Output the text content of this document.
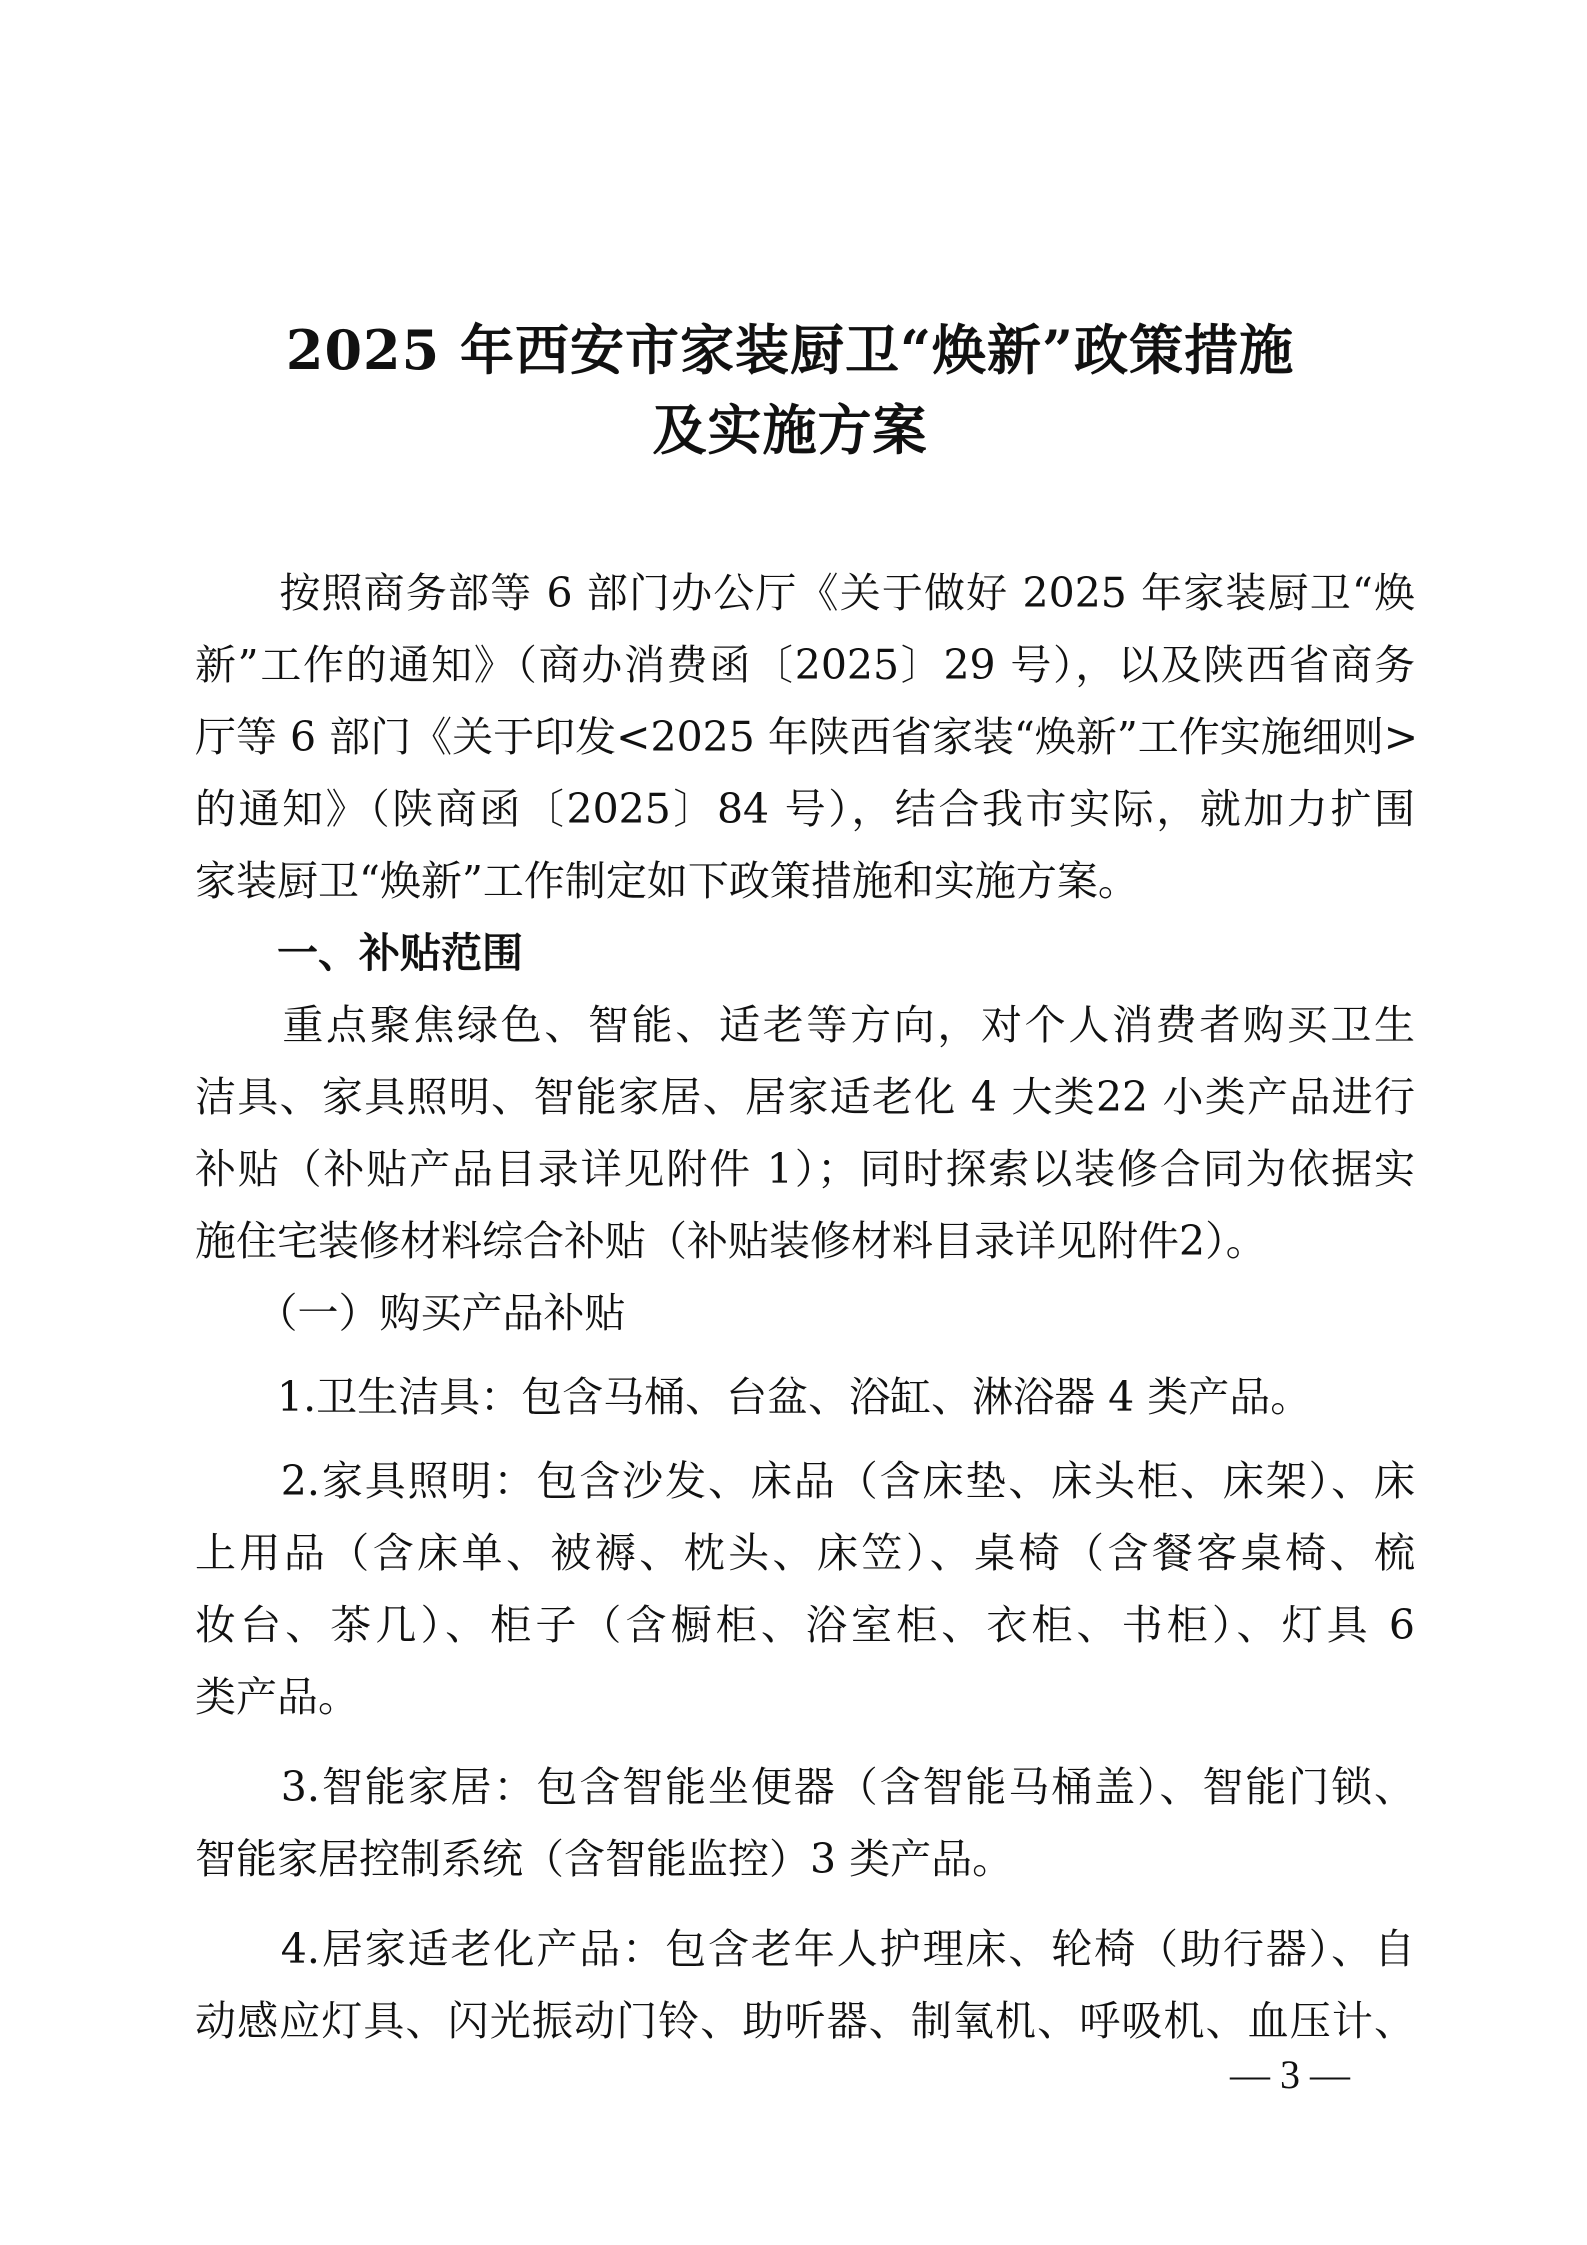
2025 年西安市家装厨卫“焕新”政策措施
及实施方案

　　按照商务部等 6 部门办公厅《关于做好 2025 年家装厨卫“焕

新”工作的通知》（商办消费函〔2025〕29 号），以及陕西省商务

厅等 6 部门《关于印发<2025 年陕西省家装“焕新”工作实施细则>

的通知》（陕商函〔2025〕84 号），结合我市实际，就加力扩围

家装厨卫“焕新”工作制定如下政策措施和实施方案。

　　一、补贴范围

　　重点聚焦绿色、智能、适老等方向，对个人消费者购买卫生

洁具、家具照明、智能家居、居家适老化 4 大类22 小类产品进行

补贴（补贴产品目录详见附件 1）；同时探索以装修合同为依据实

施住宅装修材料综合补贴（补贴装修材料目录详见附件2）。

　　（一）购买产品补贴

　　1.卫生洁具：包含马桶、台盆、浴缸、淋浴器 4 类产品。

　　2.家具照明：包含沙发、床品（含床垫、床头柜、床架）、床

上用品（含床单、被褥、枕头、床笠）、桌椅（含餐客桌椅、梳

妆台、茶几）、柜子（含橱柜、浴室柜、衣柜、书柜）、灯具 6

类产品。

　　3.智能家居：包含智能坐便器（含智能马桶盖）、智能门锁、

智能家居控制系统（含智能监控）3 类产品。

　　4.居家适老化产品：包含老年人护理床、轮椅（助行器）、自

动感应灯具、闪光振动门铃、助听器、制氧机、呼吸机、血压计、

— 3 —
